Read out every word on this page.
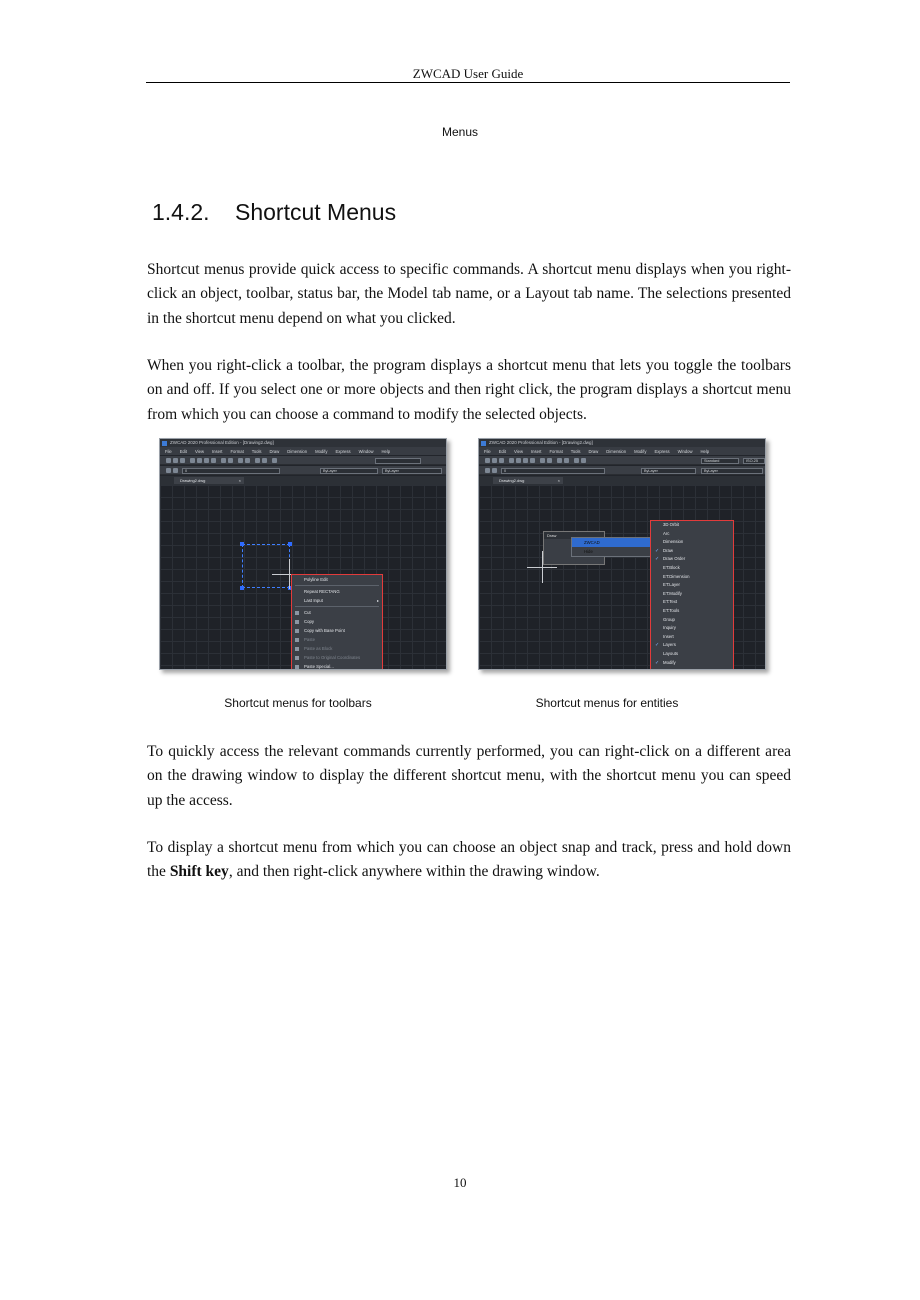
ZWCAD User Guide
Menus
1.4.2. Shortcut Menus

Shortcut menus provide quick access to specific commands. A shortcut menu displays when you right-click an object, toolbar, status bar, the Model tab name, or a Layout tab name. The selections presented in the shortcut menu depend on what you clicked.

When you right-click a toolbar, the program displays a shortcut menu that lets you toggle the toolbars on and off. If you select one or more objects and then right click, the program displays a shortcut menu from which you can choose a command to modify the selected objects.

ZWCAD 2020 Professional Edition - [Drawing2.dwg]
File Edit View Insert Format Tools Draw Dimension Modify Express Window Help
0	ByLayer	ByLayer
Drawing2.dwg	×
Polyline Edit
Repeat RECTANG
Last Input	▸
Cut
Copy
Copy with Base Point
Paste
Paste as Block
Paste to Original Coordinates
Paste Special...
ZWCAD 2020 Professional Edition - [Drawing2.dwg]
File Edit View Insert Format Tools Draw Dimension Modify Express Window Help
Standard	ISO-25
0	ByLayer	ByLayer
Drawing2.dwg	×
Draw
ZWCAD
Hide
3D Orbit
Arc
Dimension
✓ Draw
✓ Draw Order
ET:Block
ET:Dimension
ET:Layer
ET:Modify
ET:Text
ET:Tools
Group
Inquiry
Insert
✓ Layers
Layouts
✓ Modify
Shortcut menus for toolbars	Shortcut menus for entities

To quickly access the relevant commands currently performed, you can right-click on a different area on the drawing window to display the different shortcut menu, with the shortcut menu you can speed up the access.

To display a shortcut menu from which you can choose an object snap and track, press and hold down the Shift key, and then right-click anywhere within the drawing window.

10
